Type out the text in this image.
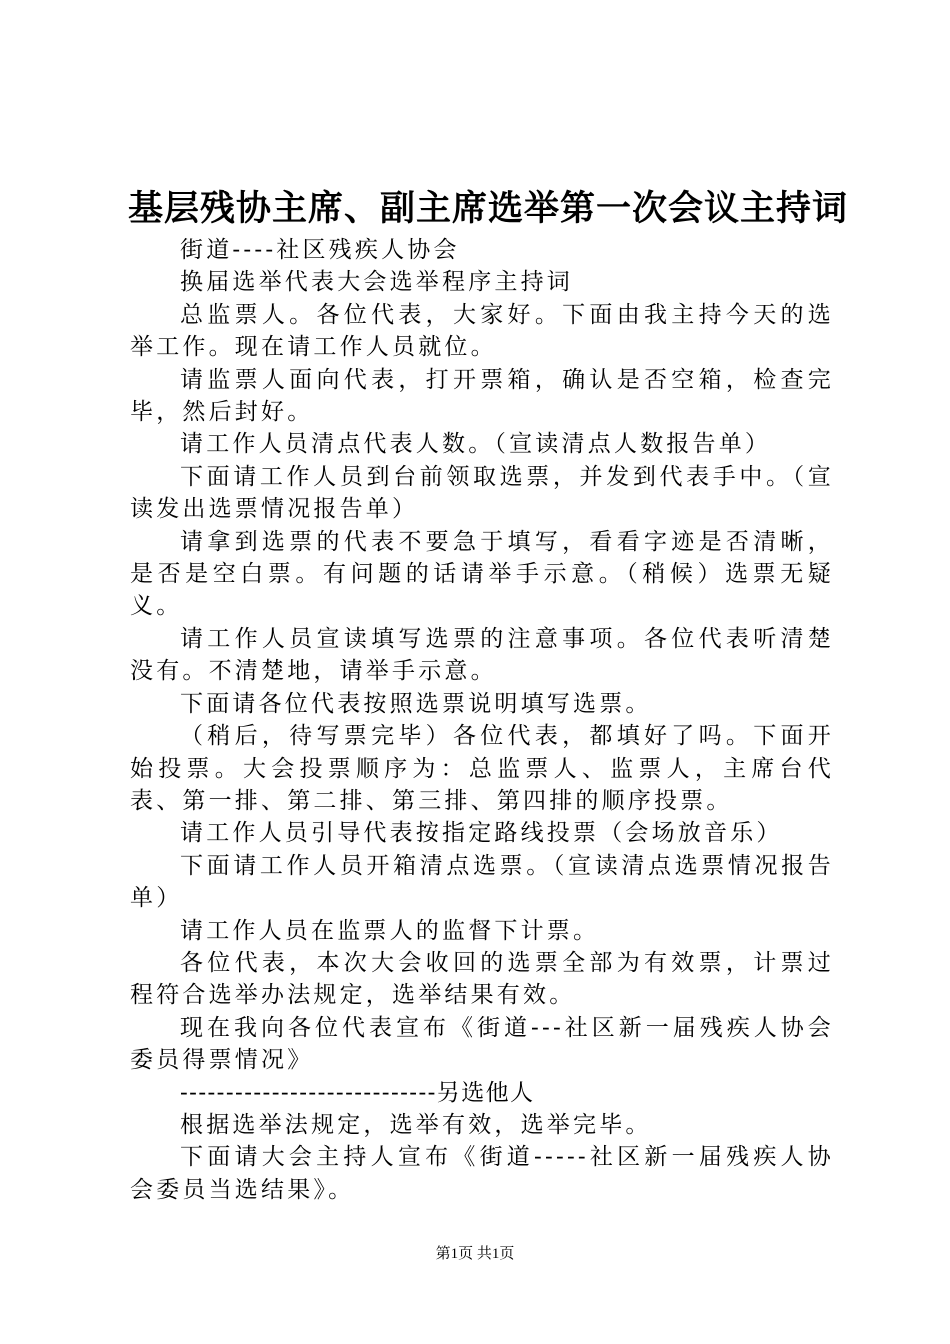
基层残协主席、副主席选举第一次会议主持词

街道----社区残疾人协会

换届选举代表大会选举程序主持词

总监票人。各位代表，大家好。下面由我主持今天的选举工作。现在请工作人员就位。

请监票人面向代表，打开票箱，确认是否空箱，检查完毕，然后封好。

请工作人员清点代表人数。（宣读清点人数报告单）

下面请工作人员到台前领取选票，并发到代表手中。（宣读发出选票情况报告单）

请拿到选票的代表不要急于填写，看看字迹是否清晰，是否是空白票。有问题的话请举手示意。（稍候）选票无疑义。

请工作人员宣读填写选票的注意事项。各位代表听清楚没有。不清楚地，请举手示意。

下面请各位代表按照选票说明填写选票。

（稍后，待写票完毕）各位代表，都填好了吗。下面开始投票。大会投票顺序为：总监票人、监票人，主席台代表、第一排、第二排、第三排、第四排的顺序投票。

请工作人员引导代表按指定路线投票（会场放音乐）

下面请工作人员开箱清点选票。（宣读清点选票情况报告单）

请工作人员在监票人的监督下计票。

各位代表，本次大会收回的选票全部为有效票，计票过程符合选举办法规定，选举结果有效。

现在我向各位代表宣布《街道---社区新一届残疾人协会委员得票情况》

----------------------------另选他人

根据选举法规定，选举有效，选举完毕。

下面请大会主持人宣布《街道-----社区新一届残疾人协会委员当选结果》。

第1页 共1页
